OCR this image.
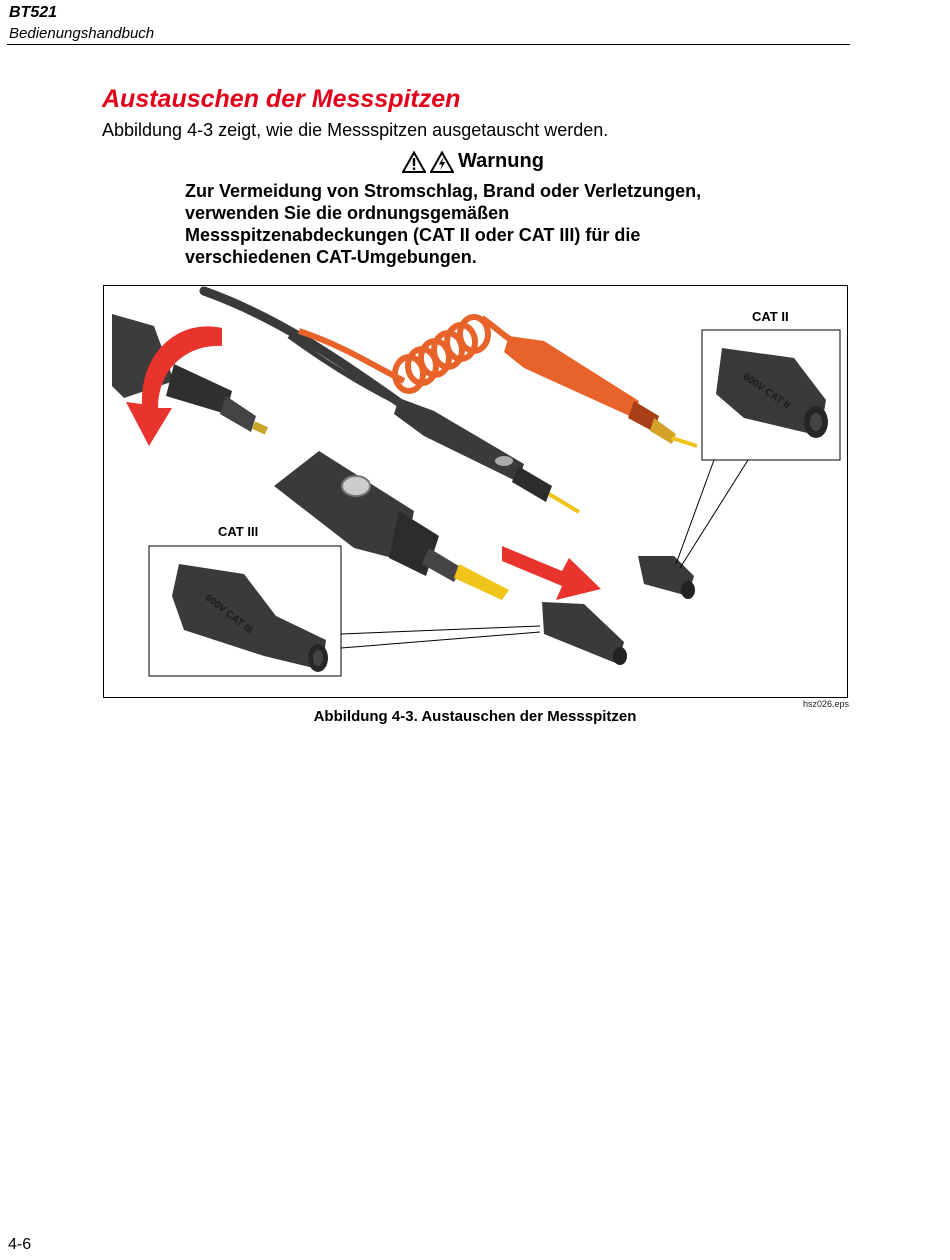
BT521
Bedienungshandbuch
Austauschen der Messspitzen
Abbildung 4-3 zeigt, wie die Messspitzen ausgetauscht werden.
Warnung
Zur Vermeidung von Stromschlag, Brand oder Verletzungen,
verwenden Sie die ordnungsgemäßen
Messspitzenabdeckungen (CAT II oder CAT III) für die
verschiedenen CAT-Umgebungen.
CAT II
600V CAT II
CAT III
600V CAT III
hsz026.eps
Abbildung 4-3. Austauschen der Messspitzen
4-6
